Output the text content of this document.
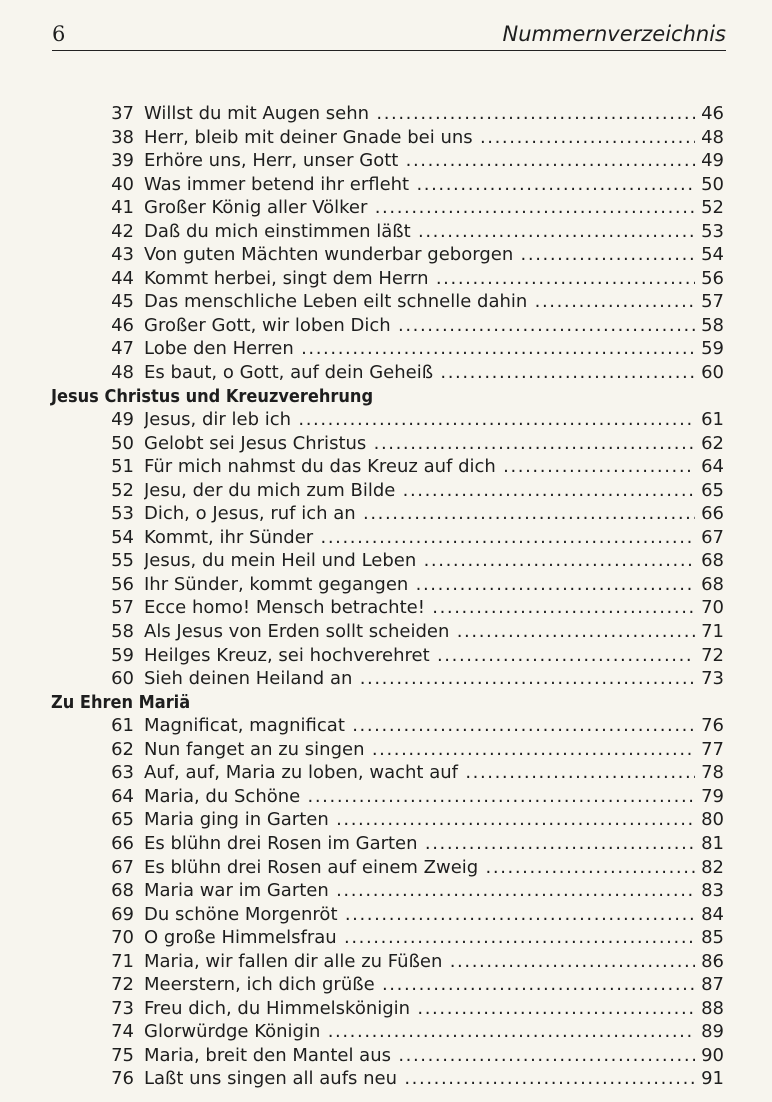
6	Nummernverzeichnis
37 Willst du mit Augen sehn .....	46
38 Herr, bleib mit deiner Gnade bei uns .....	48
39 Erhöre uns, Herr, unser Gott .....	49
40 Was immer betend ihr erfleht .....	50
41 Großer König aller Völker .....	52
42 Daß du mich einstimmen läßt .....	53
43 Von guten Mächten wunderbar geborgen .....	54
44 Kommt herbei, singt dem Herrn .....	56
45 Das menschliche Leben eilt schnelle dahin .....	57
46 Großer Gott, wir loben Dich .....	58
47 Lobe den Herren .....	59
48 Es baut, o Gott, auf dein Geheiß .....	60
Jesus Christus und Kreuzverehrung
49 Jesus, dir leb ich .....	61
50 Gelobt sei Jesus Christus .....	62
51 Für mich nahmst du das Kreuz auf dich .....	64
52 Jesu, der du mich zum Bilde .....	65
53 Dich, o Jesus, ruf ich an .....	66
54 Kommt, ihr Sünder .....	67
55 Jesus, du mein Heil und Leben .....	68
56 Ihr Sünder, kommt gegangen .....	68
57 Ecce homo! Mensch betrachte! .....	70
58 Als Jesus von Erden sollt scheiden .....	71
59 Heilges Kreuz, sei hochverehret .....	72
60 Sieh deinen Heiland an .....	73
Zu Ehren Mariä
61 Magnificat, magnificat .....	76
62 Nun fanget an zu singen .....	77
63 Auf, auf, Maria zu loben, wacht auf .....	78
64 Maria, du Schöne .....	79
65 Maria ging in Garten .....	80
66 Es blühn drei Rosen im Garten .....	81
67 Es blühn drei Rosen auf einem Zweig .....	82
68 Maria war im Garten .....	83
69 Du schöne Morgenröt .....	84
70 O große Himmelsfrau .....	85
71 Maria, wir fallen dir alle zu Füßen .....	86
72 Meerstern, ich dich grüße .....	87
73 Freu dich, du Himmelskönigin .....	88
74 Glorwürdge Königin .....	89
75 Maria, breit den Mantel aus .....	90
76 Laßt uns singen all aufs neu .....	91
